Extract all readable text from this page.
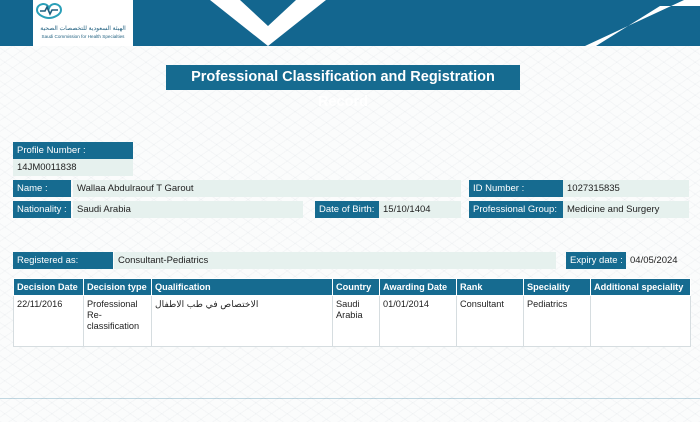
الهيئة السعودية للتخصصات الصحية
Saudi Commission for Health Specialties
Professional Classification and Registration Record
Profile Number :
14JM0011838
Name :	Wallaa Abdulraouf T Garout	ID Number :	1027315835
Nationality :	Saudi Arabia	Date of Birth: 15/10/1404	Professional Group:	Medicine and Surgery
Registered as:	Consultant-Pediatrics	Expiry date : 04/05/2024
Decision Date	Decision type	Qualification	Country	Awarding Date	Rank	Speciality	Additional speciality
22/11/2016	Professional Re-classification	الاختصاص في طب الاطفال	Saudi Arabia	01/01/2014	Consultant	Pediatrics	
